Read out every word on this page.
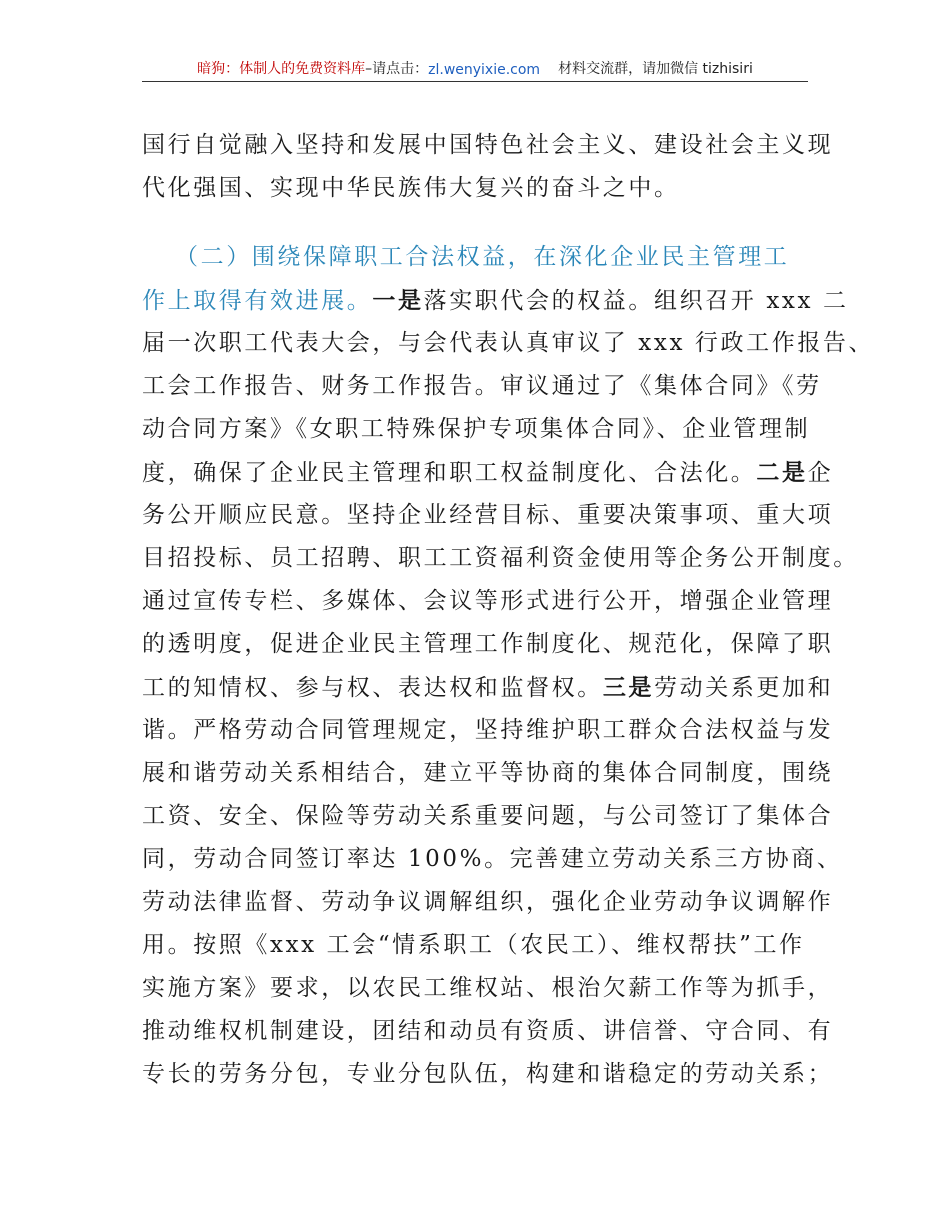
暗狗：体制人的免费资料库 –请点击： zl.wenyixie.com 材料交流群，请加微信 tizhisiri
国行自觉融入坚持和发展中国特色社会主义、建设社会主义现
代化强国、实现中华民族伟大复兴的奋斗之中。
（二）围绕保障职工合法权益，在深化企业民主管理工
作上取得有效进展。一是落实职代会的权益。组织召开 xxx 二
届一次职工代表大会，与会代表认真审议了 xxx 行政工作报告、
工会工作报告、财务工作报告。审议通过了《集体合同》《劳
动合同方案》《女职工特殊保护专项集体合同》、企业管理制
度，确保了企业民主管理和职工权益制度化、合法化。二是企
务公开顺应民意。坚持企业经营目标、重要决策事项、重大项
目招投标、员工招聘、职工工资福利资金使用等企务公开制度。
通过宣传专栏、多媒体、会议等形式进行公开，增强企业管理
的透明度，促进企业民主管理工作制度化、规范化，保障了职
工的知情权、参与权、表达权和监督权。三是劳动关系更加和
谐。严格劳动合同管理规定，坚持维护职工群众合法权益与发
展和谐劳动关系相结合，建立平等协商的集体合同制度，围绕
工资、安全、保险等劳动关系重要问题，与公司签订了集体合
同，劳动合同签订率达 100%。完善建立劳动关系三方协商、
劳动法律监督、劳动争议调解组织，强化企业劳动争议调解作
用。按照《xxx 工会“情系职工（农民工）、维权帮扶”工作
实施方案》要求，以农民工维权站、根治欠薪工作等为抓手，
推动维权机制建设，团结和动员有资质、讲信誉、守合同、有
专长的劳务分包，专业分包队伍，构建和谐稳定的劳动关系；
